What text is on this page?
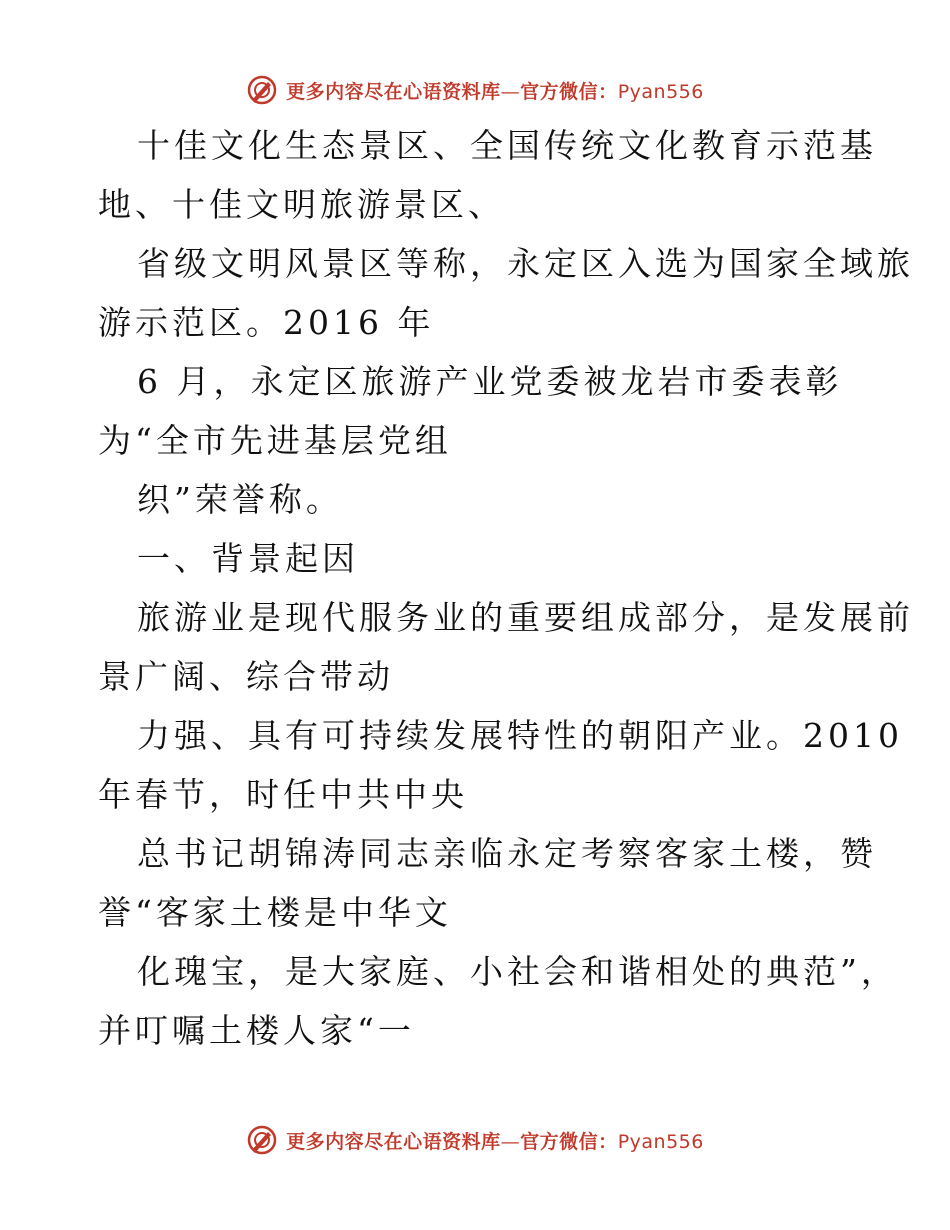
更多内容尽在心语资料库—官方微信：Pyan556
十佳文化生态景区、全国传统文化教育示范基
地、十佳文明旅游景区、
省级文明风景区等称，永定区入选为国家全域旅
游示范区。2016 年
6 月，永定区旅游产业党委被龙岩市委表彰
为“全市先进基层党组
织”荣誉称。
一、背景起因
旅游业是现代服务业的重要组成部分，是发展前
景广阔、综合带动
力强、具有可持续发展特性的朝阳产业。2010
年春节，时任中共中央
总书记胡锦涛同志亲临永定考察客家土楼，赞
誉“客家土楼是中华文
化瑰宝，是大家庭、小社会和谐相处的典范”，
并叮嘱土楼人家“一
更多内容尽在心语资料库—官方微信：Pyan556
